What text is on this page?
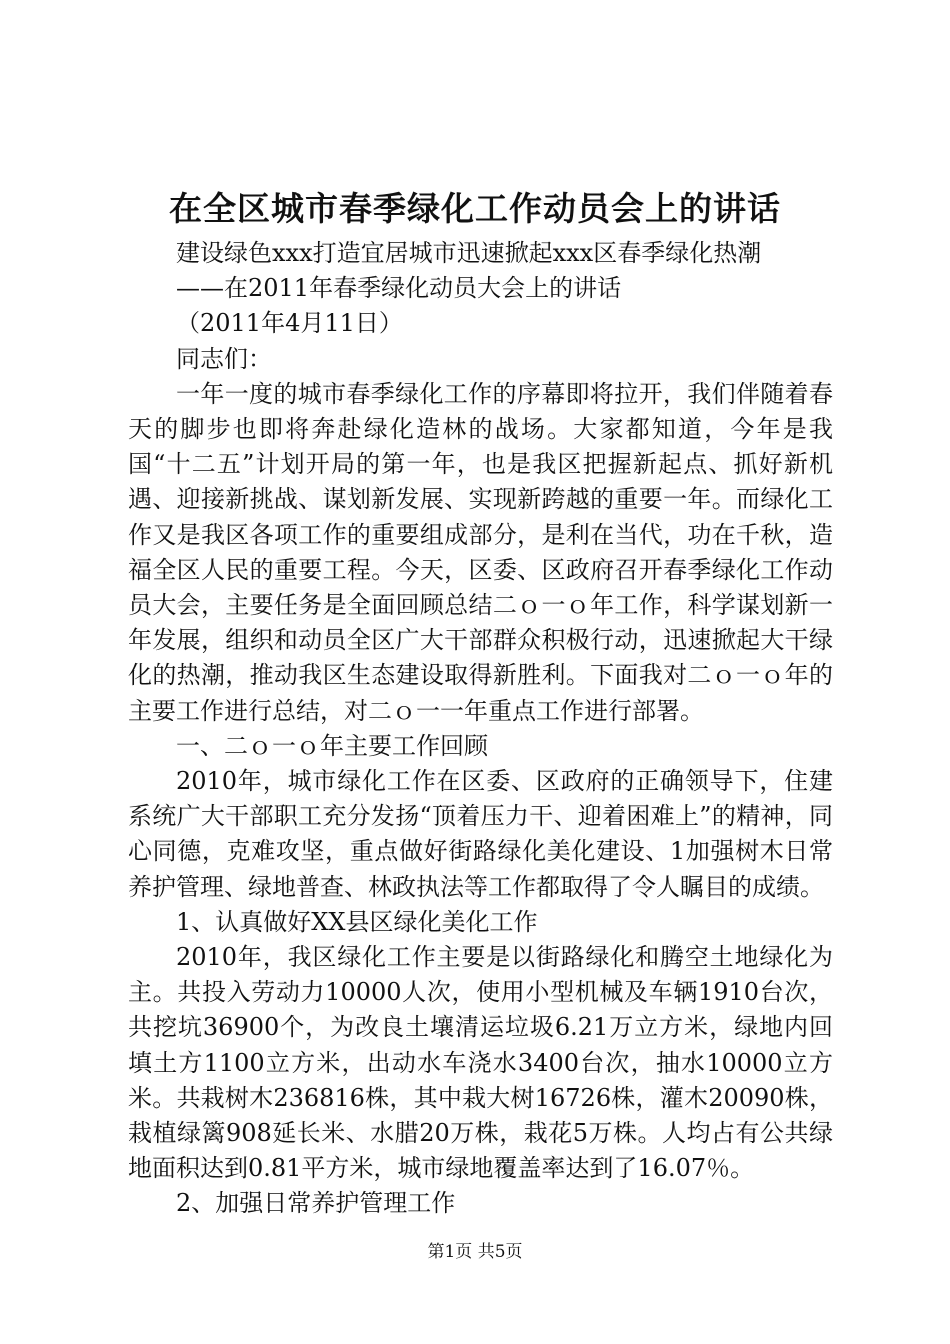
在全区城市春季绿化工作动员会上的讲话

建设绿色xxx打造宜居城市迅速掀起xxx区春季绿化热潮

——在2011年春季绿化动员大会上的讲话

（2011年4月11日）

同志们：

一年一度的城市春季绿化工作的序幕即将拉开，我们伴随着春天的脚步也即将奔赴绿化造林的战场。大家都知道，今年是我国“十二五”计划开局的第一年，也是我区把握新起点、抓好新机遇、迎接新挑战、谋划新发展、实现新跨越的重要一年。而绿化工作又是我区各项工作的重要组成部分，是利在当代，功在千秋，造福全区人民的重要工程。今天，区委、区政府召开春季绿化工作动员大会，主要任务是全面回顾总结二ｏ一ｏ年工作，科学谋划新一年发展，组织和动员全区广大干部群众积极行动，迅速掀起大干绿化的热潮，推动我区生态建设取得新胜利。下面我对二ｏ一ｏ年的主要工作进行总结，对二ｏ一一年重点工作进行部署。

一、二ｏ一ｏ年主要工作回顾

2010年，城市绿化工作在区委、区政府的正确领导下，住建系统广大干部职工充分发扬“顶着压力干、迎着困难上”的精神，同心同德，克难攻坚，重点做好街路绿化美化建设、1加强树木日常养护管理、绿地普查、林政执法等工作都取得了令人瞩目的成绩。

1、认真做好XX县区绿化美化工作

2010年，我区绿化工作主要是以街路绿化和腾空土地绿化为主。共投入劳动力10000人次，使用小型机械及车辆1910台次，共挖坑36900个，为改良土壤清运垃圾6.21万立方米，绿地内回填土方1100立方米，出动水车浇水3400台次，抽水10000立方米。共栽树木236816株，其中栽大树16726株，灌木20090株，栽植绿篱908延长米、水腊20万株，栽花5万株。人均占有公共绿地面积达到0.81平方米，城市绿地覆盖率达到了16.07％。

2、加强日常养护管理工作

第1页 共5页
